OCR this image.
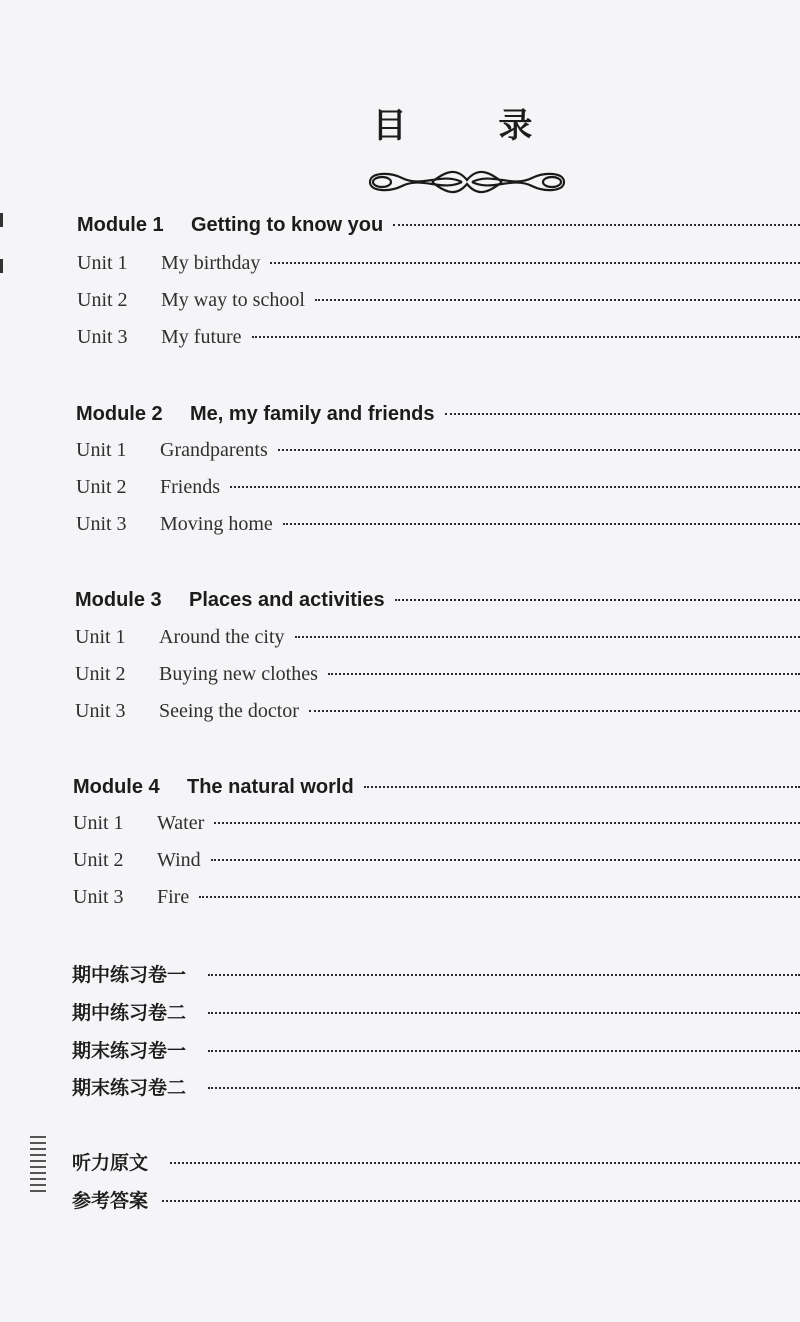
目 录
Module 1 Getting to know you
Unit 1 My birthday
Unit 2 My way to school
Unit 3 My future
Module 2 Me, my family and friends
Unit 1 Grandparents
Unit 2 Friends
Unit 3 Moving home
Module 3 Places and activities
Unit 1 Around the city
Unit 2 Buying new clothes
Unit 3 Seeing the doctor
Module 4 The natural world
Unit 1 Water
Unit 2 Wind
Unit 3 Fire
期中练习卷一
期中练习卷二
期末练习卷一
期末练习卷二
听力原文
参考答案
